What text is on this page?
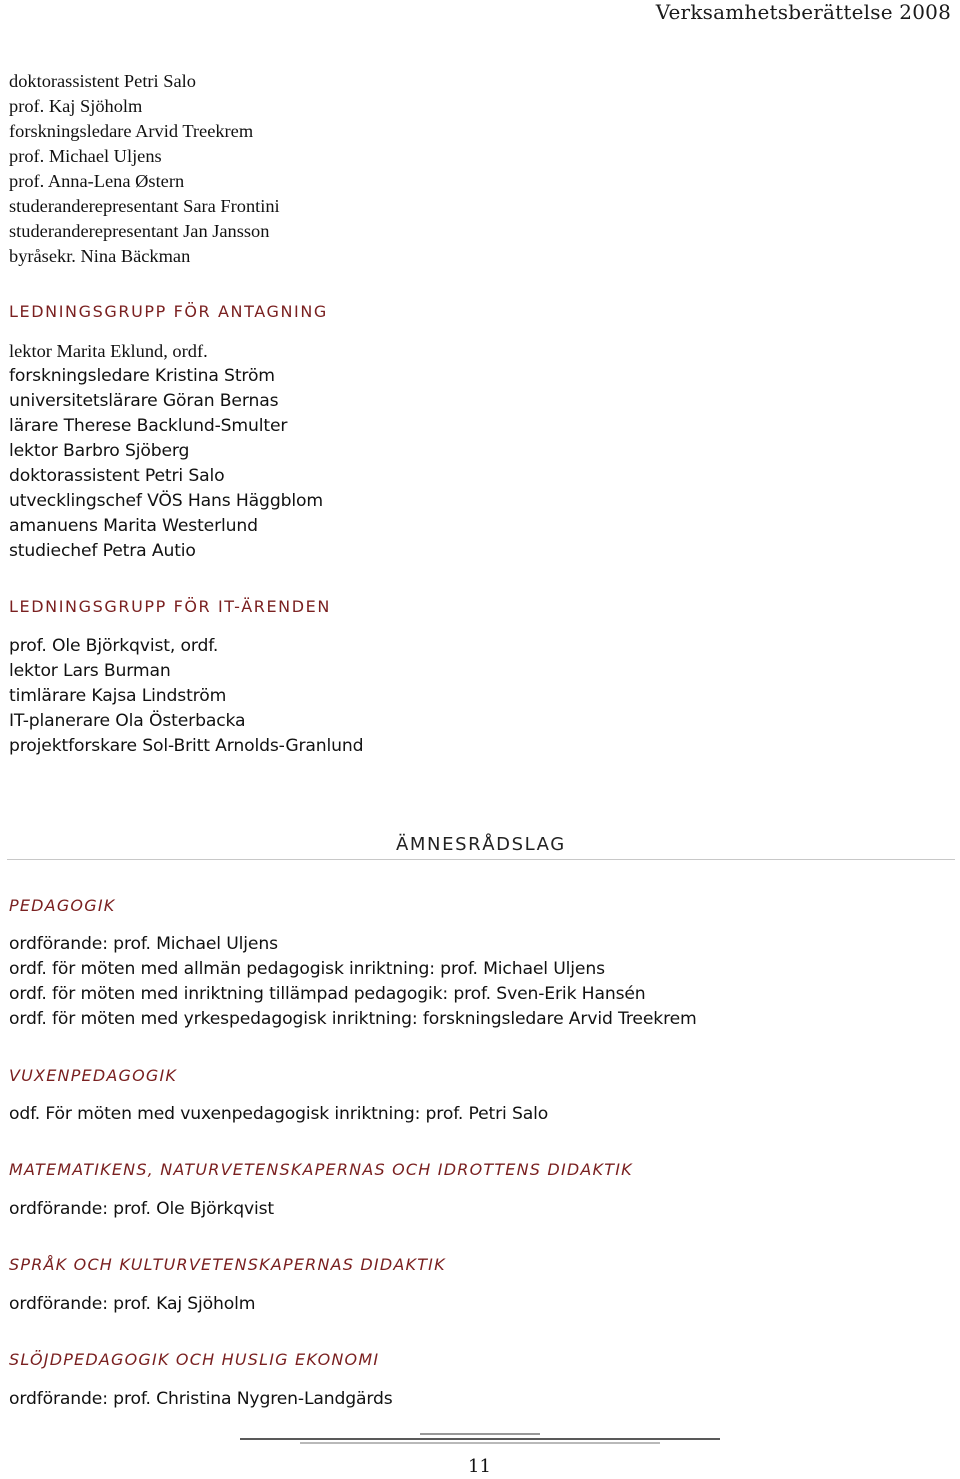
Verksamhetsberättelse 2008
doktorassistent Petri Salo
prof. Kaj Sjöholm
forskningsledare Arvid Treekrem
prof. Michael Uljens
prof. Anna-Lena Østern
studeranderepresentant Sara Frontini
studeranderepresentant Jan Jansson
byråsekr. Nina Bäckman
LEDNINGSGRUPP FÖR ANTAGNING
lektor Marita Eklund, ordf.
forskningsledare Kristina Ström
universitetslärare Göran Bernas
lärare Therese Backlund-Smulter
lektor Barbro Sjöberg
doktorassistent Petri Salo
utvecklingschef VÖS Hans Häggblom
amanuens Marita Westerlund
studiechef Petra Autio
LEDNINGSGRUPP FÖR IT-ÄRENDEN
prof. Ole Björkqvist, ordf.
lektor Lars Burman
timlärare Kajsa Lindström
IT-planerare Ola Österbacka
projektforskare Sol-Britt Arnolds-Granlund
ÄMNESRÅDSLAG
PEDAGOGIK
ordförande: prof. Michael Uljens
ordf. för möten med allmän pedagogisk inriktning: prof. Michael Uljens
ordf. för möten med inriktning tillämpad pedagogik: prof. Sven-Erik Hansén
ordf. för möten med yrkespedagogisk inriktning: forskningsledare Arvid Treekrem
VUXENPEDAGOGIK
odf. För möten med vuxenpedagogisk inriktning: prof. Petri Salo
MATEMATIKENS, NATURVETENSKAPERNAS OCH IDROTTENS DIDAKTIK
ordförande: prof. Ole Björkqvist
SPRÅK OCH KULTURVETENSKAPERNAS DIDAKTIK
ordförande: prof. Kaj Sjöholm
SLÖJDPEDAGOGIK OCH HUSLIG EKONOMI
ordförande: prof. Christina Nygren-Landgärds
11
